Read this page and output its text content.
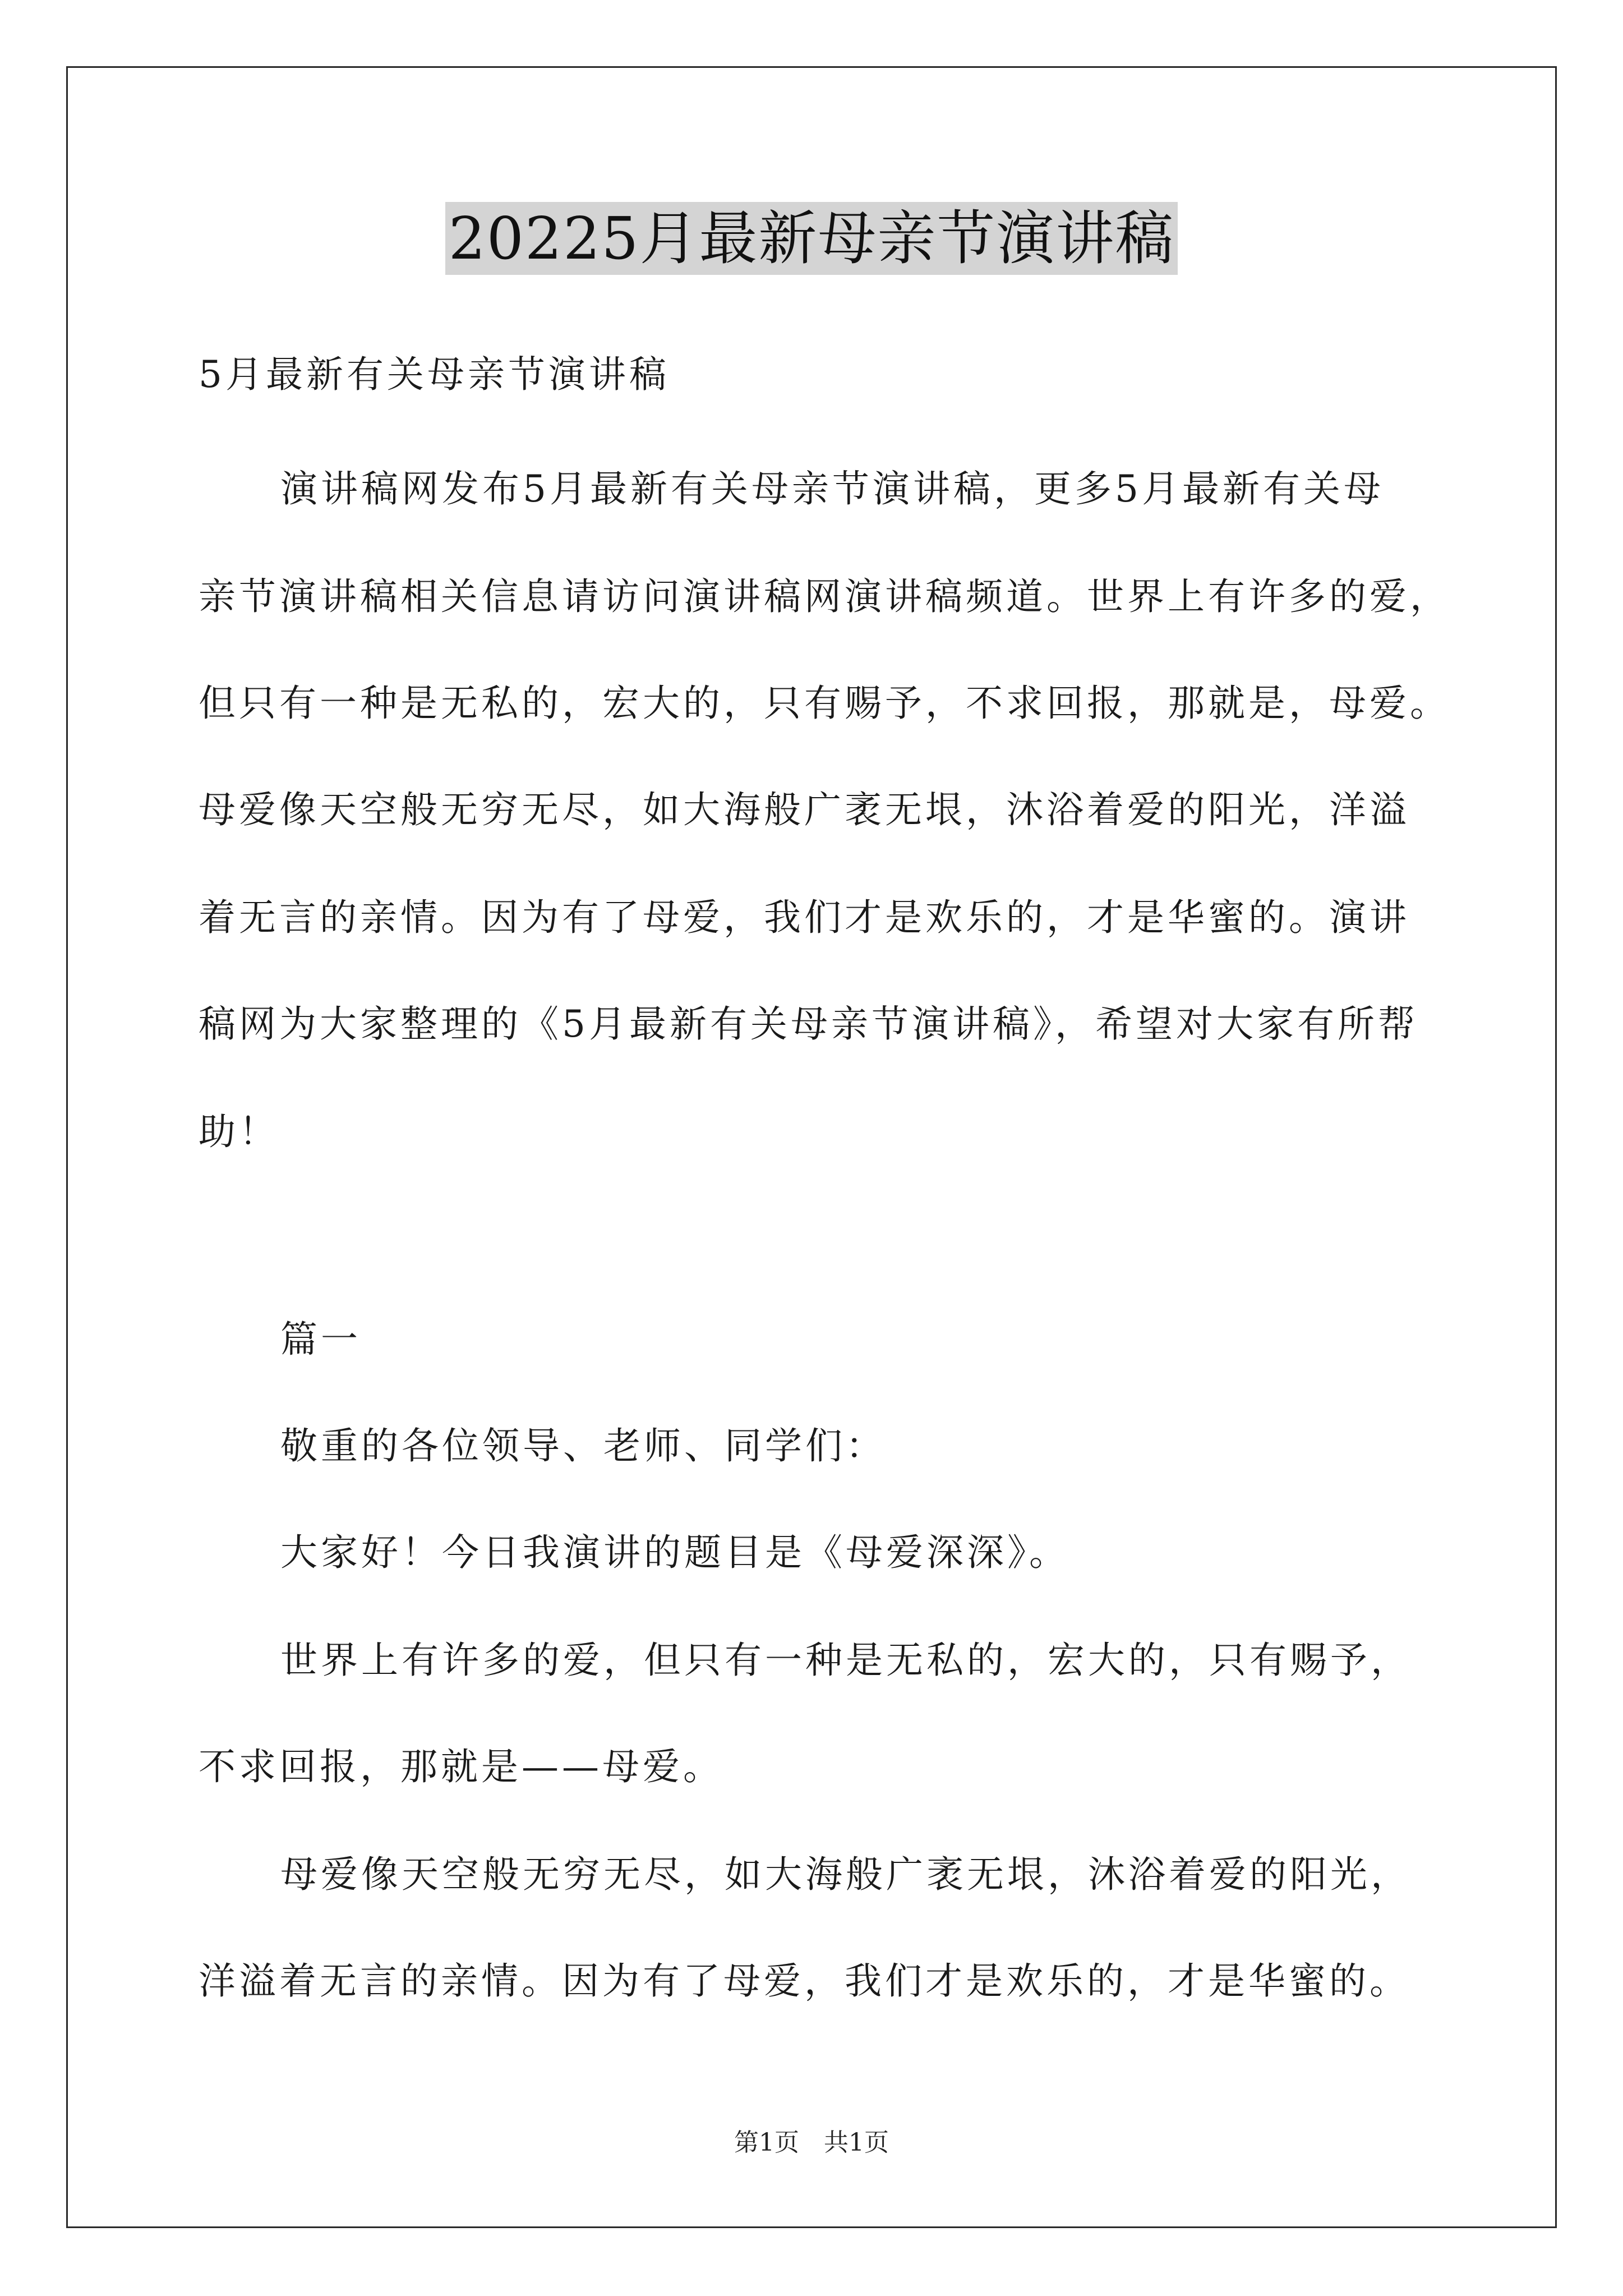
20225月最新母亲节演讲稿
5月最新有关母亲节演讲稿
演讲稿网发布5月最新有关母亲节演讲稿，更多5月最新有关母
亲节演讲稿相关信息请访问演讲稿网演讲稿频道。世界上有许多的爱，
但只有一种是无私的，宏大的，只有赐予，不求回报，那就是，母爱。
母爱像天空般无穷无尽，如大海般广袤无垠，沐浴着爱的阳光，洋溢
着无言的亲情。因为有了母爱，我们才是欢乐的，才是华蜜的。演讲
稿网为大家整理的《5月最新有关母亲节演讲稿》，希望对大家有所帮
助！
篇一
敬重的各位领导、老师、同学们：
大家好！今日我演讲的题目是《母爱深深》。
世界上有许多的爱，但只有一种是无私的，宏大的，只有赐予，
不求回报，那就是——母爱。
母爱像天空般无穷无尽，如大海般广袤无垠，沐浴着爱的阳光，
洋溢着无言的亲情。因为有了母爱，我们才是欢乐的，才是华蜜的。
第1页　共1页
